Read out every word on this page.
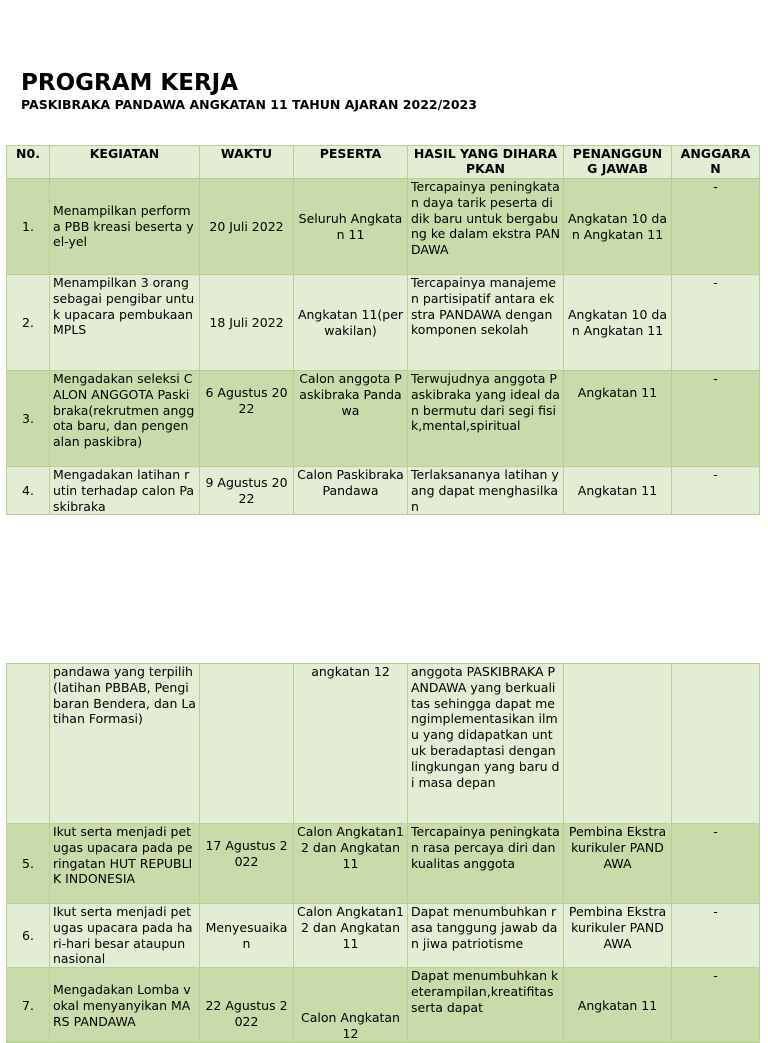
PROGRAM KERJA
PASKIBRAKA PANDAWA ANGKATAN 11 TAHUN AJARAN 2022/2023
N0.	KEGIATAN	WAKTU	PESERTA	HASIL YANG DIHARAPKAN	PENANGGUN G JAWAB	ANGGARA N
1.	Menampilkan performa PBB kreasi beserta yel-yel	20 Juli 2022	Seluruh Angkatan 11	Tercapainya peningkatan daya tarik peserta didik baru untuk bergabung ke dalam ekstra PANDAWA	Angkatan 10 dan Angkatan 11	-
2.	Menampilkan 3 orang sebagai pengibar untuk upacara pembukaan MPLS	18 Juli 2022	Angkatan 11(perwakilan)	Tercapainya manajemen partisipatif antara ekstra PANDAWA dengan komponen sekolah	Angkatan 10 dan Angkatan 11	-
3.	Mengadakan seleksi CALON ANGGOTA Paskibraka(rekrutmen anggota baru, dan pengenalan paskibra)	6 Agustus 2022	Calon anggota Paskibraka Pandawa	Terwujudnya anggota Paskibraka yang ideal dan bermutu dari segi fisik,mental,spiritual	Angkatan 11	-
4.	Mengadakan latihan rutin terhadap calon Paskibraka	9 Agustus 2022	Calon Paskibraka Pandawa	Terlaksananya latihan yang dapat menghasilkan	Angkatan 11	-
	pandawa yang terpilih(latihan PBBAB, Pengibaran Bendera, dan Latihan Formasi)		angkatan 12	anggota PASKIBRAKA PANDAWA yang berkualitas sehingga dapat mengimplementasikan ilmu yang didapatkan untuk beradaptasi dengan lingkungan yang baru di masa depan		
5.	Ikut serta menjadi petugas upacara pada peringatan HUT REPUBLIK INDONESIA	17 Agustus 2022	Calon Angkatan12 dan Angkatan 11	Tercapainya peningkatan rasa percaya diri dan kualitas anggota	Pembina Ekstrakurikuler PANDAWA	-
6.	Ikut serta menjadi petugas upacara pada hari-hari besar ataupun nasional	Menyesuaikan	Calon Angkatan12 dan Angkatan 11	Dapat menumbuhkan rasa tanggung jawab dan jiwa patriotisme	Pembina Ekstrakurikuler PANDAWA	-
7.	Mengadakan Lomba vokal menyanyikan MARS PANDAWA	22 Agustus 2022	Calon Angkatan 12	Dapat menumbuhkan keterampilan,kreatifitas serta dapat	Angkatan 11	-
